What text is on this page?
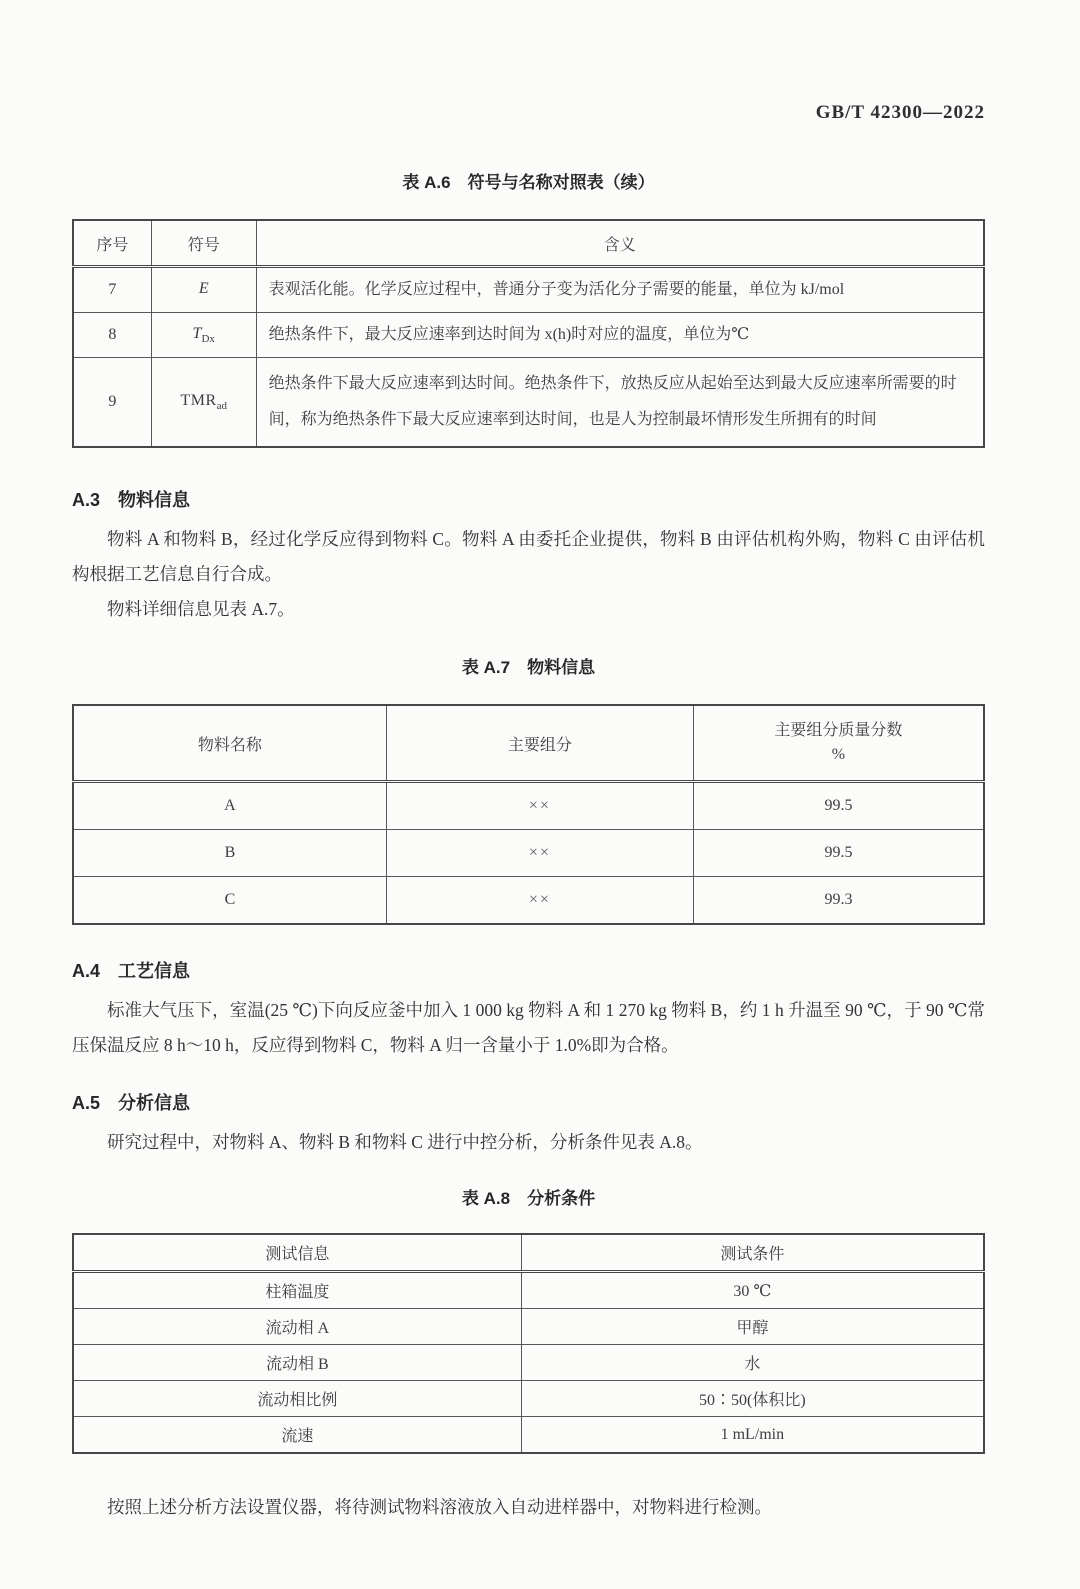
GB/T 42300—2022
表 A.6　符号与名称对照表（续）
序号	符号	含义
7	E	表观活化能。化学反应过程中，普通分子变为活化分子需要的能量，单位为 kJ/mol
8	$T_{Dx}$	绝热条件下，最大反应速率到达时间为 x(h)时对应的温度，单位为℃
9	$TMR_{ad}$	绝热条件下最大反应速率到达时间。绝热条件下，放热反应从起始至达到最大反应速率所需要的时间，称为绝热条件下最大反应速率到达时间，也是人为控制最坏情形发生所拥有的时间
A.3　物料信息
物料 A 和物料 B，经过化学反应得到物料 C。物料 A 由委托企业提供，物料 B 由评估机构外购，物料 C 由评估机构根据工艺信息自行合成。
物料详细信息见表 A.7。
表 A.7　物料信息
物料名称	主要组分	主要组分质量分数
%

A	××	99.5
B	××	99.5
C	××	99.3
A.4　工艺信息
标准大气压下，室温(25 ℃)下向反应釜中加入 1 000 kg 物料 A 和 1 270 kg 物料 B，约 1 h 升温至 90 ℃，于 90 ℃常压保温反应 8 h～10 h，反应得到物料 C，物料 A 归一含量小于 1.0%即为合格。
A.5　分析信息
研究过程中，对物料 A、物料 B 和物料 C 进行中控分析，分析条件见表 A.8。
表 A.8　分析条件
测试信息	测试条件
柱箱温度	30 ℃
流动相 A	甲醇
流动相 B	水
流动相比例	50∶50(体积比)
流速	1 mL/min
按照上述分析方法设置仪器，将待测试物料溶液放入自动进样器中，对物料进行检测。
